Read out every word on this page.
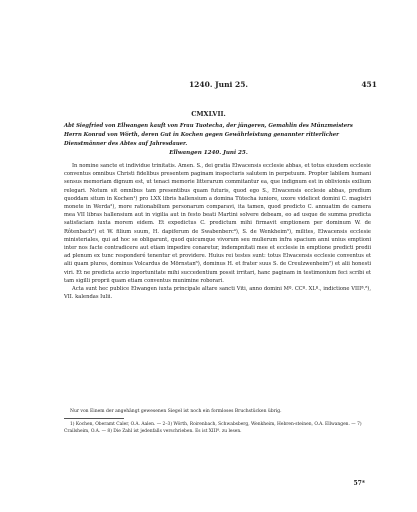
1240. Juni 25.	451
CMXLVII.
Abt Siegfried von Ellwangen kauft von Frau Tuotecha, der jüngeren, Gemahlin des Münzmeisters Herrn Konrad von Wörth, deren Gut in Kochen gegen Gewährleistung genannter ritterlicher Dienstmänner des Abtes auf Jahresdauer.
Ellwangen 1240. Juni 25.

In nomine sancte et individue trinitatis. Amen. S., dei gratia Elwacensis ecclesie abbas, et totus eiusdem ecclesie conventus omnibus Christi fidelibus presentem paginam inspecturis salutem in perpetuum. Propter labilem humani sensus memoriam dignum est, ut tenaci memorie litterarum commitantur ea, que indignum est in oblivionis exilium relegari. Notum sit omnibus tam presentibus quam futuris, quod ego S., Elwacensis ecclesie abbas, predium quoddam situm in Kochen¹) pro LXX libris hallensium a domina Tütecha iuniore, uxore videlicet domini C. magistri monete in Werda²), more rationabilium personarum comparavi, ita tamen, quod predicto C. annuatim de camera mea VII libras hallensium aut in vigilia aut in festo beati Martini solvere debeam, eo ad usque de summa predicta satisfaciam iuxta morem eidem. Et expedictus C. predictum mihi firmavit emptionem per dominum W. de Rôtenbach³) et W. filium suum, H. dapiferum de Swabenberc⁴), S. de Wenkheim⁵), milites, Elwacensis ecclesie ministeriales, qui ad hoc se obligarunt, quod quicumque vivorum seu mulierum infra spacium anni unius emptioni inter nos facte contradicere aut etiam impedire conaretur, indempnitati mee et ecclesie in emptione predicti predii ad plenum ex tunc responderé tenentur et providere. Huius rei testes sunt: totus Elwacensis ecclesie conventus et alii quam plures, dominus Volcardus de Mörnstan⁶), dominus H. et frater suus S. de Creulzwenheim⁷) et alii honesti viri. Et ne predicta accio inportunitate mihi succedentium possit irritari, hanc paginam in testimonium feci scribi et tam sigilli proprii quam etiam conventus munimine roborari.

Acta sunt hec publice Elwangen iuxta principale altare sancti Viti, anno domini Mº. CCº. XLº., indictione VIIIª.⁸), VII. kalendas Iulii.

Nur von Einem der angehängt gewesenen Siegel ist noch ein formloses Bruchstücken übrig.

1) Kochen, Oberamt Caler, O.A. Aalen. — 2–3) Wörth, Roirenbach, Schwabsberg, Wenkheim, Hebren-steinen, O.A. Ellwangen. — 7) Crailsheim, O.A. — 8) Die Zahl ist jedenfalls verschrieben. Es ist XIIIª. zu lesen.

57*
